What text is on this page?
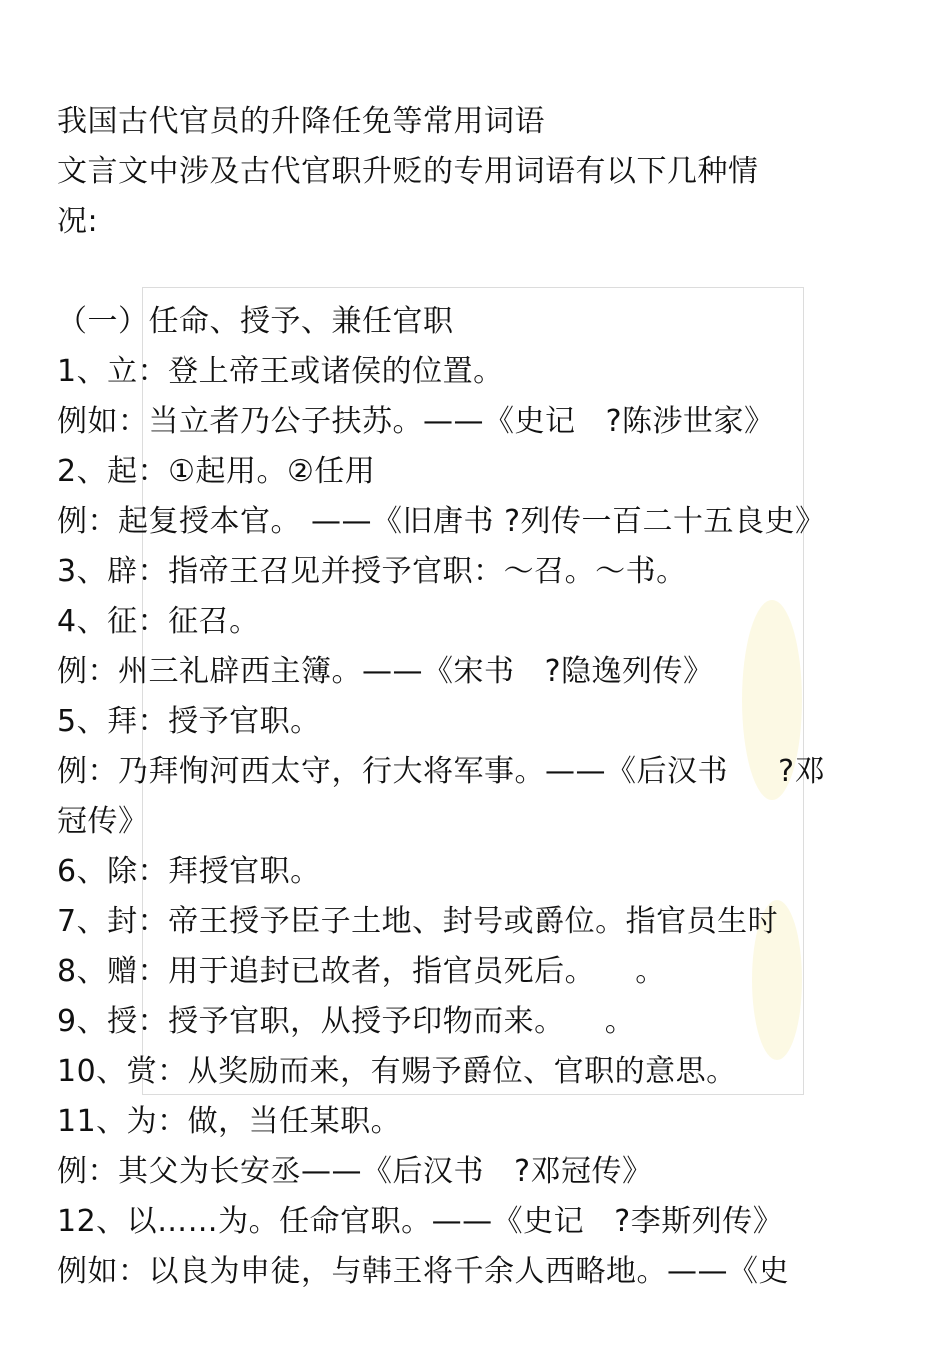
我国古代官员的升降任免等常用词语
文言文中涉及古代官职升贬的专用词语有以下几种情
况:
（一）任命、授予、兼任官职
1、立：登上帝王或诸侯的位置。
例如：当立者乃公子扶苏。——《史记   ?陈涉世家》
2、起：①起用。②任用
例：起复授本官。 ——《旧唐书 ?列传一百二十五良史》
3、辟：指帝王召见并授予官职：～召。～书。
4、征：征召。
例：州三礼辟西主簿。——《宋书   ?隐逸列传》
5、拜：授予官职。
例：乃拜恂河西太守，行大将军事。——《后汉书     ?邓
冠传》
6、除：拜授官职。
7、封：帝王授予臣子土地、封号或爵位。指官员生时
8、赠：用于追封已故者，指官员死后。    。
9、授：授予官职，从授予印物而来。    。
10、赏：从奖励而来，有赐予爵位、官职的意思。
11、为：做，当任某职。
例：其父为长安丞——《后汉书   ?邓冠传》
12、以……为。任命官职。——《史记   ?李斯列传》
例如：以良为申徒，与韩王将千余人西略地。——《史
